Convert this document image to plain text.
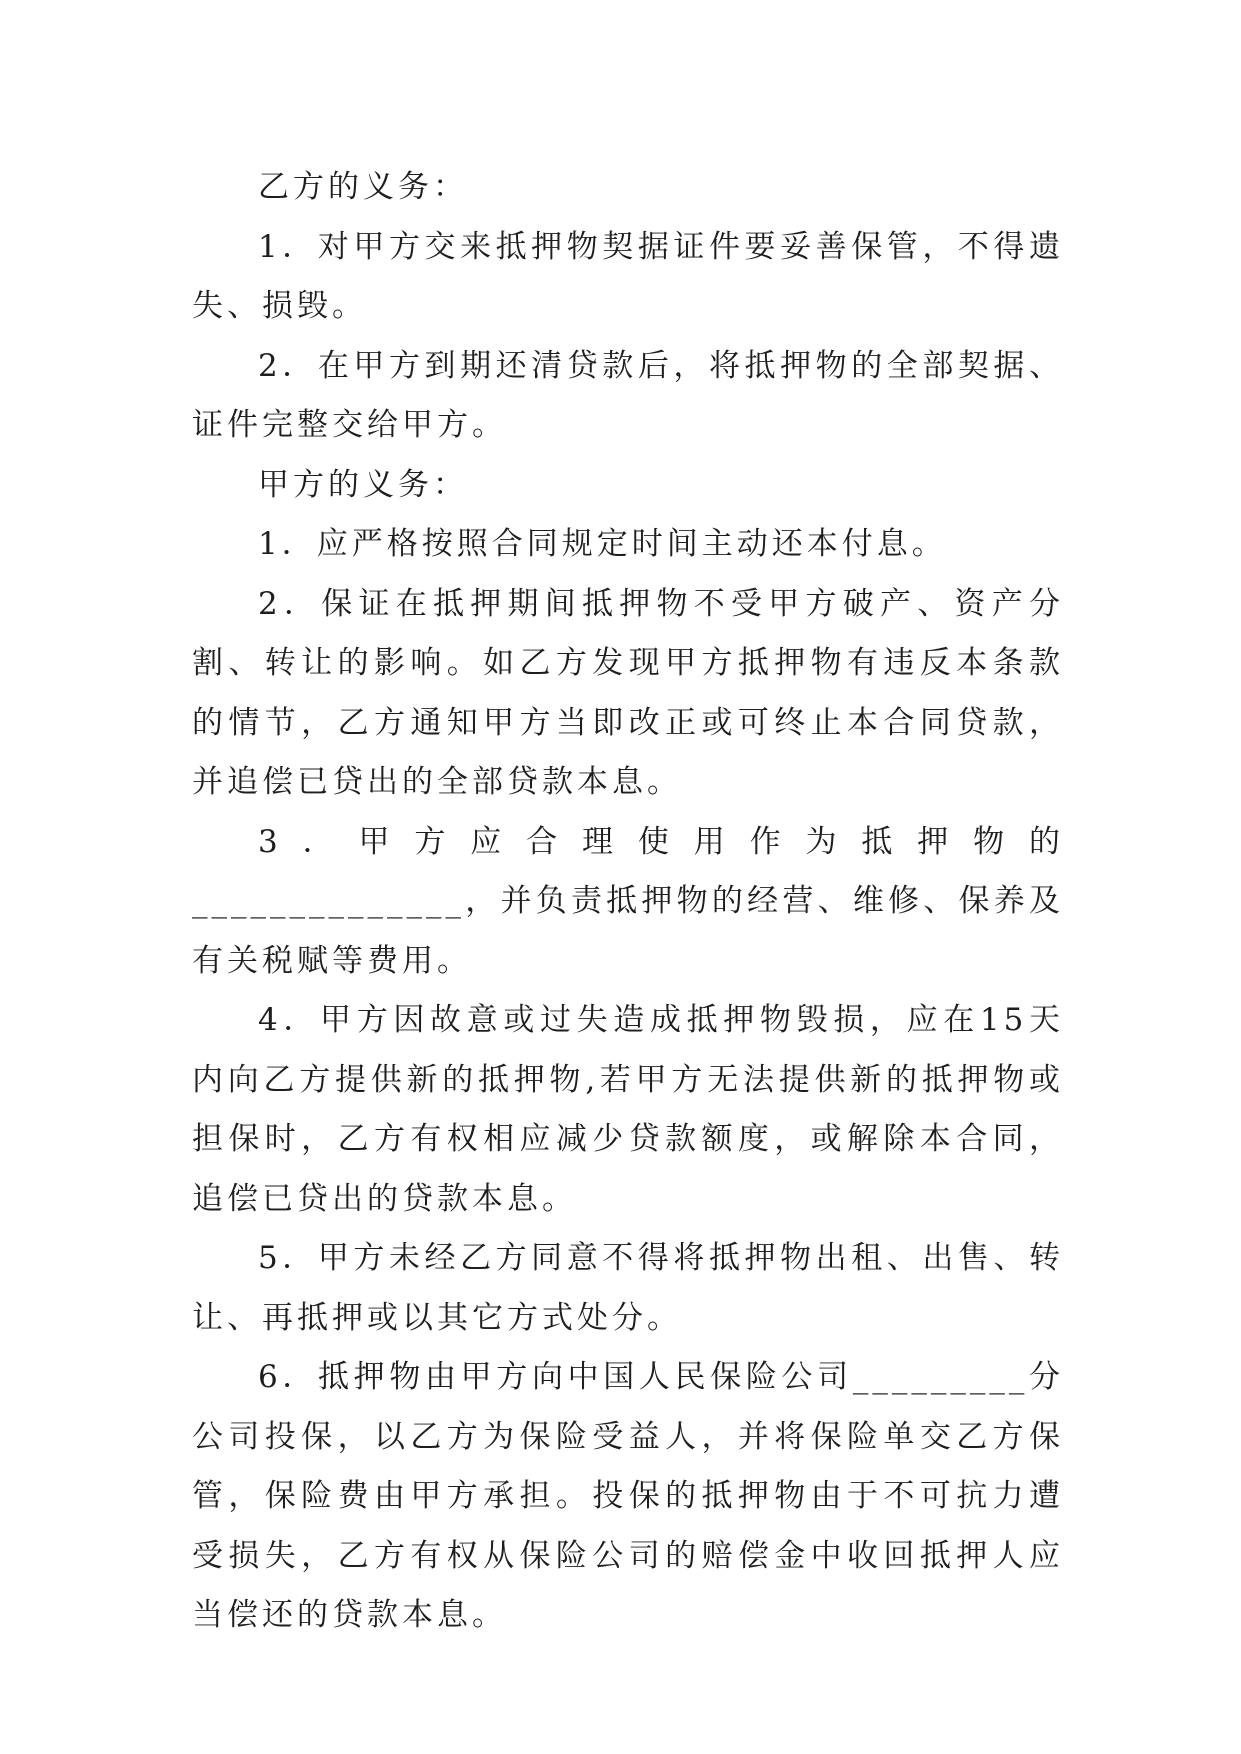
乙方的义务：

1．对甲方交来抵押物契据证件要妥善保管，不得遗失、损毁。

2．在甲方到期还清贷款后，将抵押物的全部契据、证件完整交给甲方。

甲方的义务：

1．应严格按照合同规定时间主动还本付息。

2．保证在抵押期间抵押物不受甲方破产、资产分割、转让的影响。如乙方发现甲方抵押物有违反本条款的情节，乙方通知甲方当即改正或可终止本合同贷款，并追偿已贷出的全部贷款本息。

3．甲方应合理使用作为抵押物的______________，并负责抵押物的经营、维修、保养及有关税赋等费用。

4．甲方因故意或过失造成抵押物毁损，应在15天内向乙方提供新的抵押物,若甲方无法提供新的抵押物或担保时，乙方有权相应减少贷款额度，或解除本合同，追偿已贷出的贷款本息。

5．甲方未经乙方同意不得将抵押物出租、出售、转让、再抵押或以其它方式处分。

6．抵押物由甲方向中国人民保险公司_________分公司投保，以乙方为保险受益人，并将保险单交乙方保管，保险费由甲方承担。投保的抵押物由于不可抗力遭受损失，乙方有权从保险公司的赔偿金中收回抵押人应当偿还的贷款本息。
